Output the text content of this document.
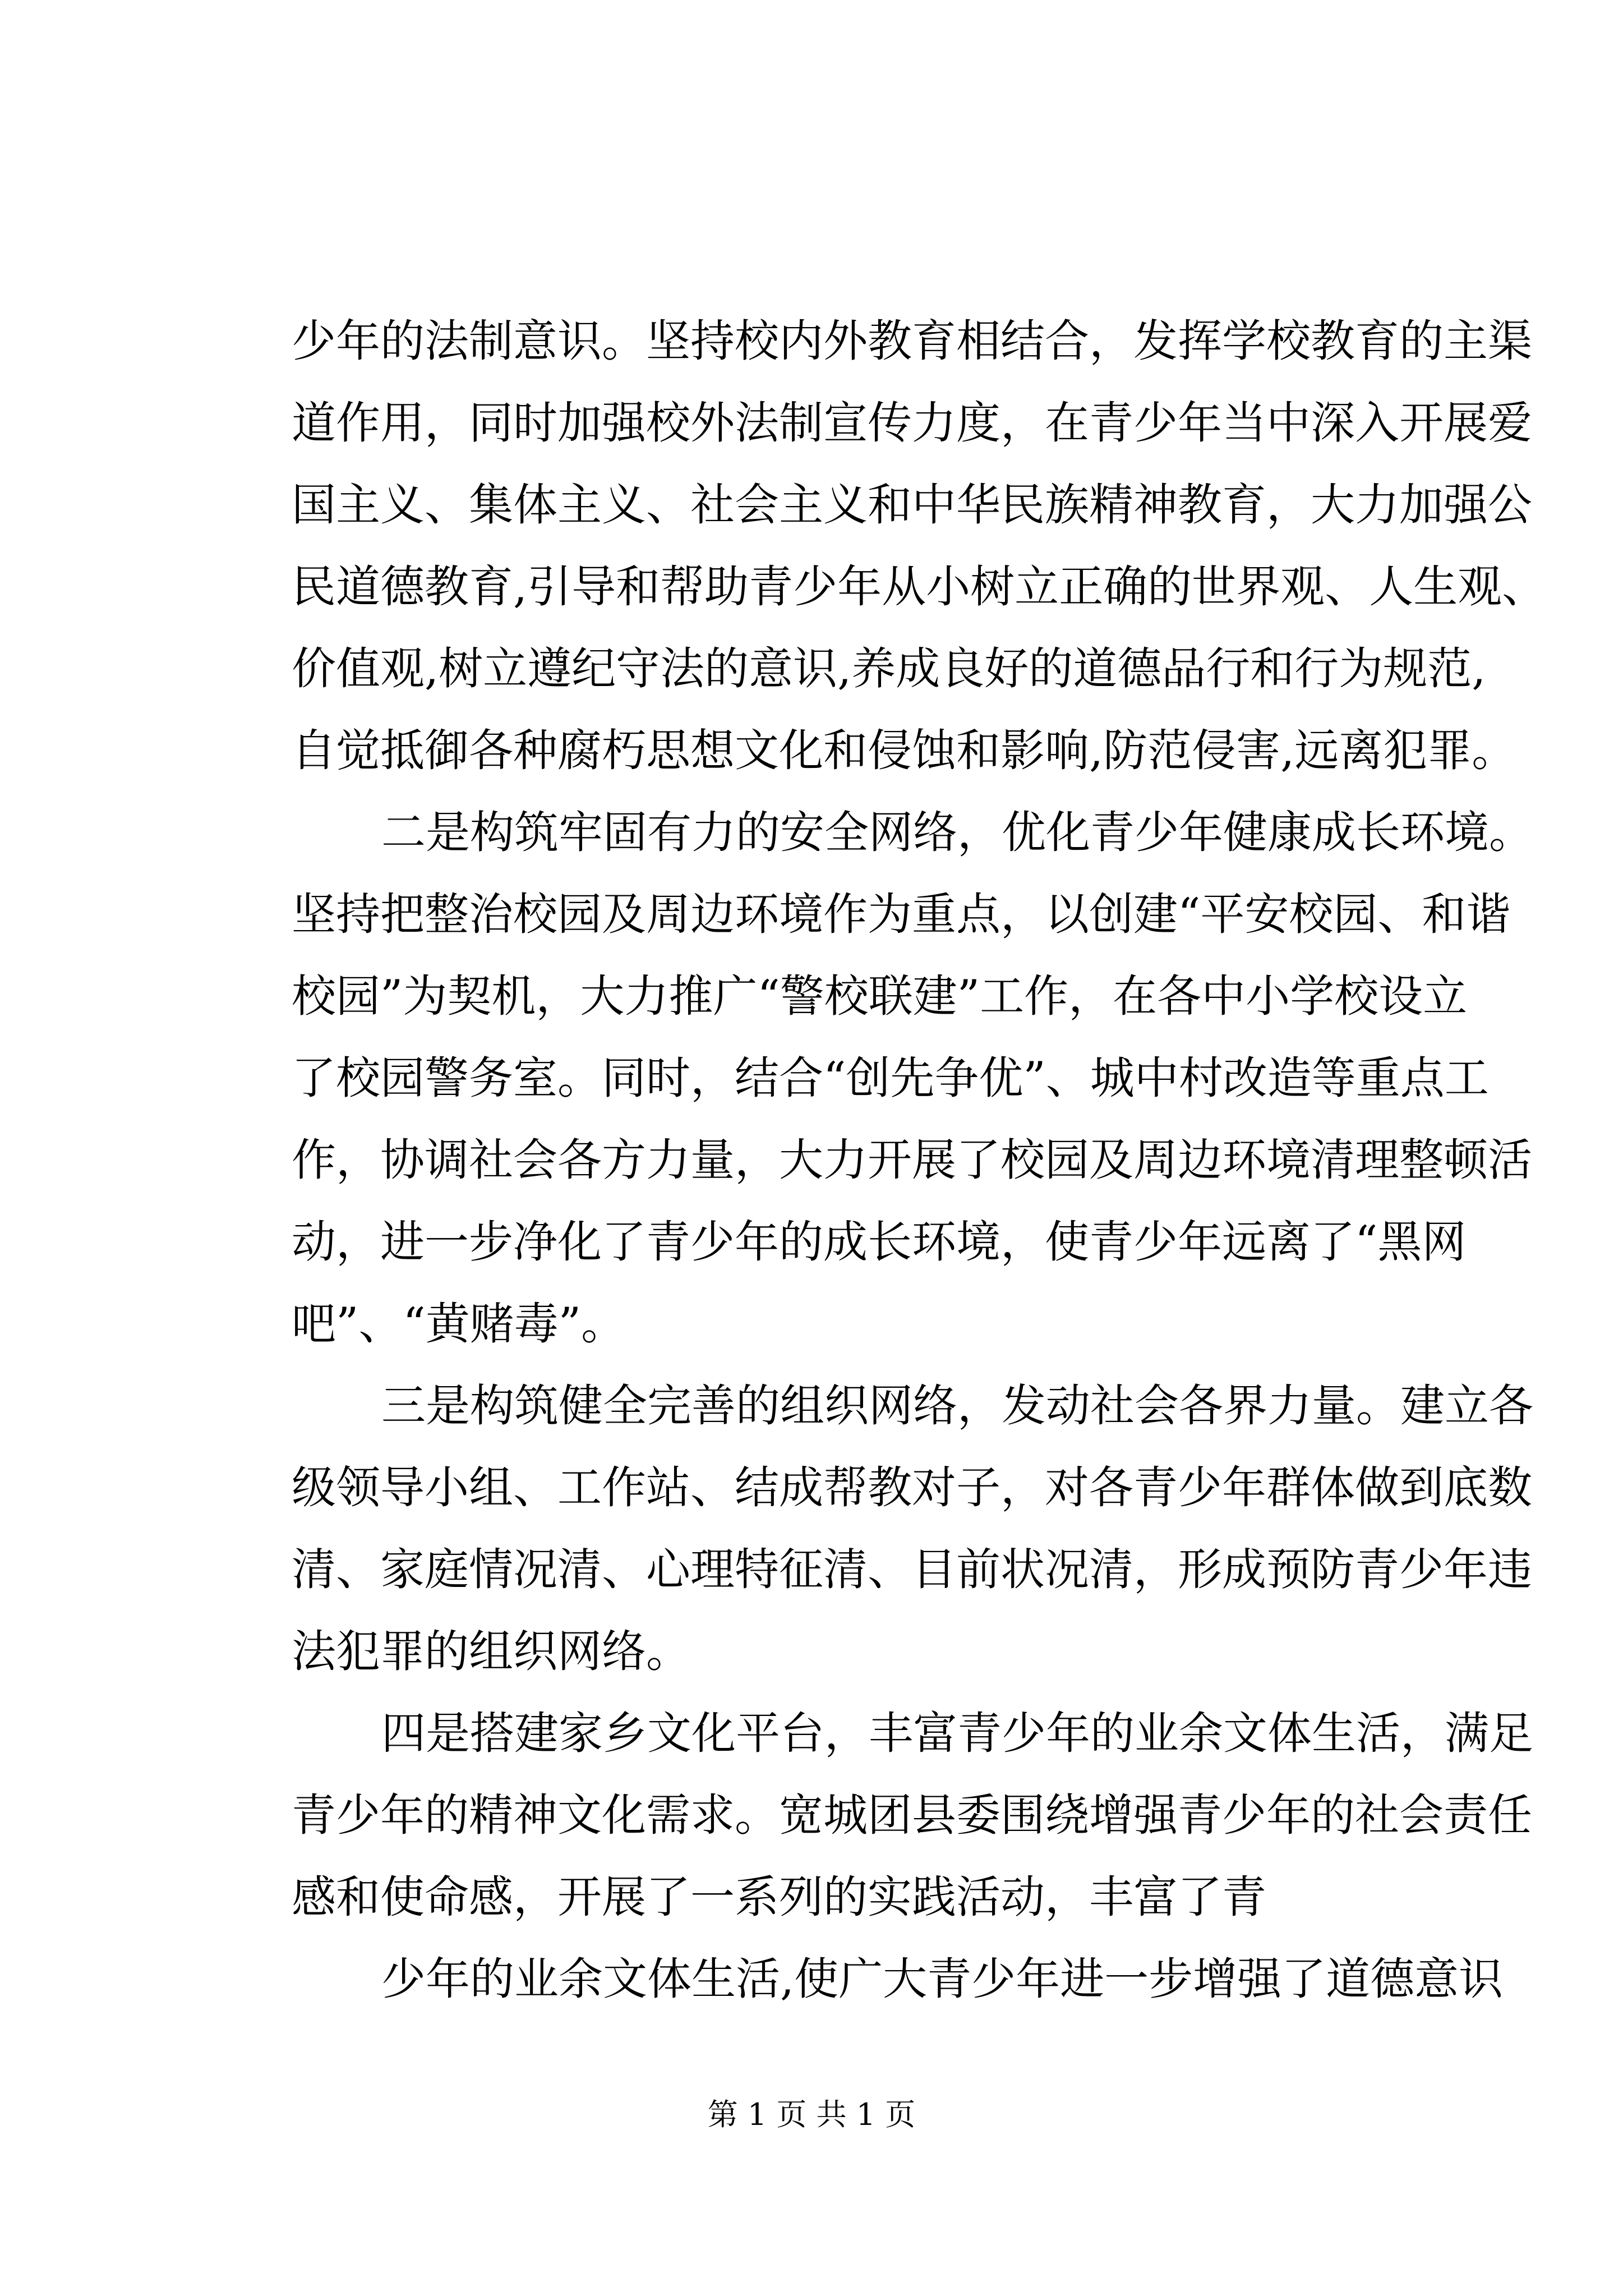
少年的法制意识。坚持校内外教育相结合，发挥学校教育的主渠
道作用，同时加强校外法制宣传力度，在青少年当中深入开展爱
国主义、集体主义、社会主义和中华民族精神教育，大力加强公
民道德教育,引导和帮助青少年从小树立正确的世界观、人生观、
价值观,树立遵纪守法的意识,养成良好的道德品行和行为规范,
自觉抵御各种腐朽思想文化和侵蚀和影响,防范侵害,远离犯罪。
二是构筑牢固有力的安全网络，优化青少年健康成长环境。
坚持把整治校园及周边环境作为重点，以创建“平安校园、和谐
校园”为契机，大力推广“警校联建”工作，在各中小学校设立
了校园警务室。同时，结合“创先争优”、城中村改造等重点工
作，协调社会各方力量，大力开展了校园及周边环境清理整顿活
动，进一步净化了青少年的成长环境，使青少年远离了“黑网
吧”、“黄赌毒”。
三是构筑健全完善的组织网络，发动社会各界力量。建立各
级领导小组、工作站、结成帮教对子，对各青少年群体做到底数
清、家庭情况清、心理特征清、目前状况清，形成预防青少年违
法犯罪的组织网络。
四是搭建家乡文化平台，丰富青少年的业余文体生活，满足
青少年的精神文化需求。宽城团县委围绕增强青少年的社会责任
感和使命感，开展了一系列的实践活动，丰富了青
少年的业余文体生活,使广大青少年进一步增强了道德意识
第 1 页 共 1 页
